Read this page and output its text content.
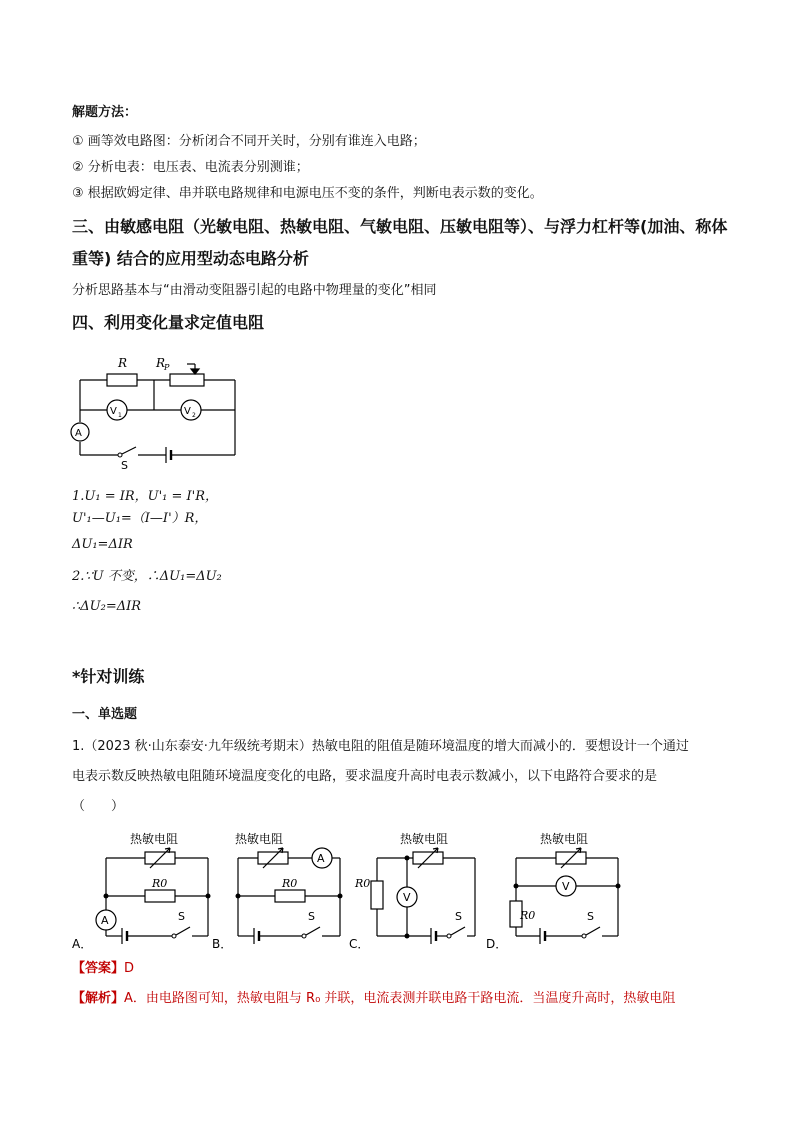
解题方法：
① 画等效电路图：分析闭合不同开关时，分别有谁连入电路；
② 分析电表：电压表、电流表分别测谁；
③ 根据欧姆定律、串并联电路规律和电源电压不变的条件，判断电表示数的变化。
三、由敏感电阻（光敏电阻、热敏电阻、气敏电阻、压敏电阻等）、与浮力杠杆等(加油、称体
重等) 结合的应用型动态电路分析
分析思路基本与“由滑动变阻器引起的电路中物理量的变化”相同
四、利用变化量求定值电阻
R R
P
A
V 1	V 2
S
1.U₁ = IR，U'₁ = I'R，
U'₁—U₁=（I—I'）R，
ΔU₁=ΔIR
2.∵U 不变，∴ΔU₁=ΔU₂
∴ΔU₂=ΔIR
*针对训练
一、单选题
1.（2023 秋·山东泰安·九年级统考期末）热敏电阻的阻值是随环境温度的增大而减小的．要想设计一个通过
电表示数反映热敏电阻随环境温度变化的电路，要求温度升高时电表示数减小，以下电路符合要求的是
（　　）
热敏电阻
R0
A	S
A．
热敏电阻
R0
A
S
B．
热敏电阻
R0
V
S
C．
热敏电阻
R0
V
S
D．
【答案】D
【解析】A．由电路图可知，热敏电阻与 R₀ 并联，电流表测并联电路干路电流．当温度升高时，热敏电阻
